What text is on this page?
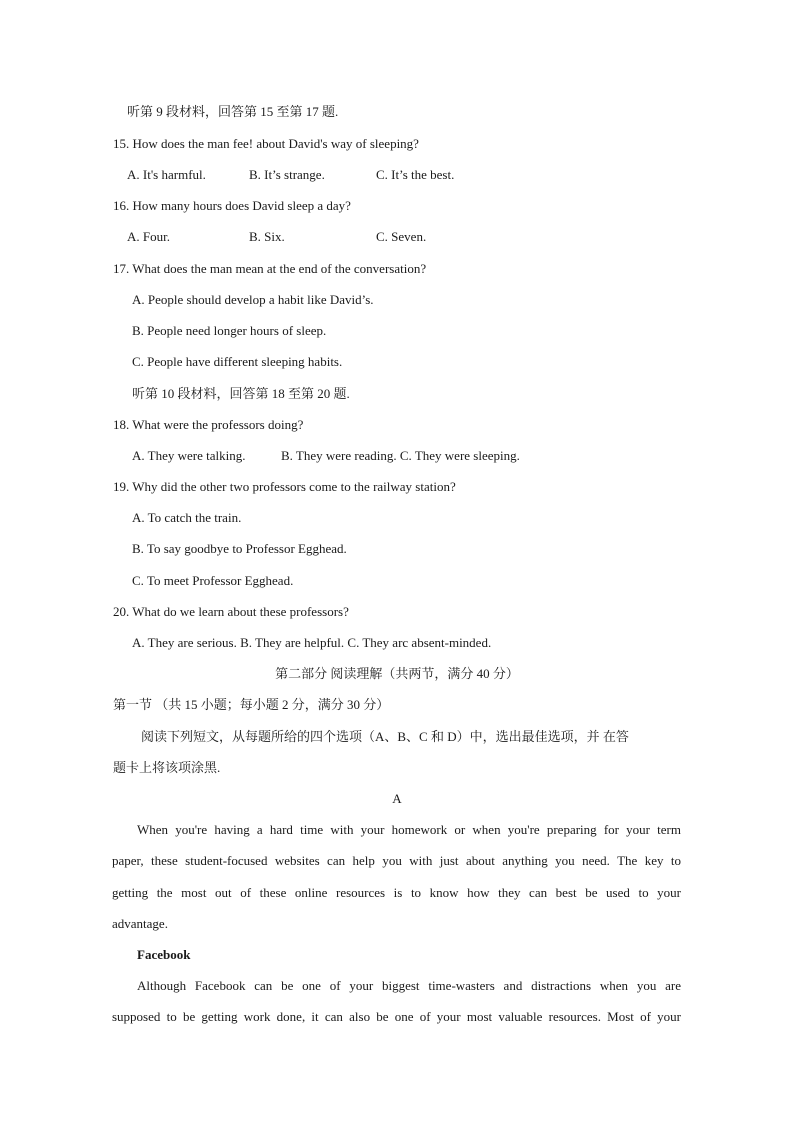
听第 9 段材料，回答第 15 至第 17 题.
15. How does the man fee! about David's way of sleeping?
A. It's harmful.	B. It’s strange.	C. It’s the best.
16. How many hours does David sleep a day?
A. Four.	B. Six.	C. Seven.
17. What does the man mean at the end of the conversation?
A. People should develop a habit like David’s.
B. People need longer hours of sleep.
C. People have different sleeping habits.
听第 10 段材料，回答第 18 至第 20 题.
18. What were the professors doing?
A. They were talking.	B. They were reading. C. They were sleeping.
19. Why did the other two professors come to the railway station?
A. To catch the train.
B. To say goodbye to Professor Egghead.
C. To meet Professor Egghead.
20. What do we learn about these professors?
A. They are serious. B. They are helpful. C. They arc absent-minded.
第二部分 阅读理解（共两节，满分 40 分）
第一节 （共 15 小题；每小题 2 分，满分 30 分）
阅读下列短文，从每题所给的四个选项（A、B、C 和 D）中，选出最佳选项，并 在答
题卡上将该项涂黑.
A
When you're having a hard time with your homework or when you're preparing for your term
paper, these student-focused websites can help you with just about anything you need. The key to
getting the most out of these online resources is to know how they can best be used to your
advantage.
Facebook
Although Facebook can be one of your biggest time-wasters and distractions when you are
supposed to be getting work done, it can also be one of your most valuable resources. Most of your
